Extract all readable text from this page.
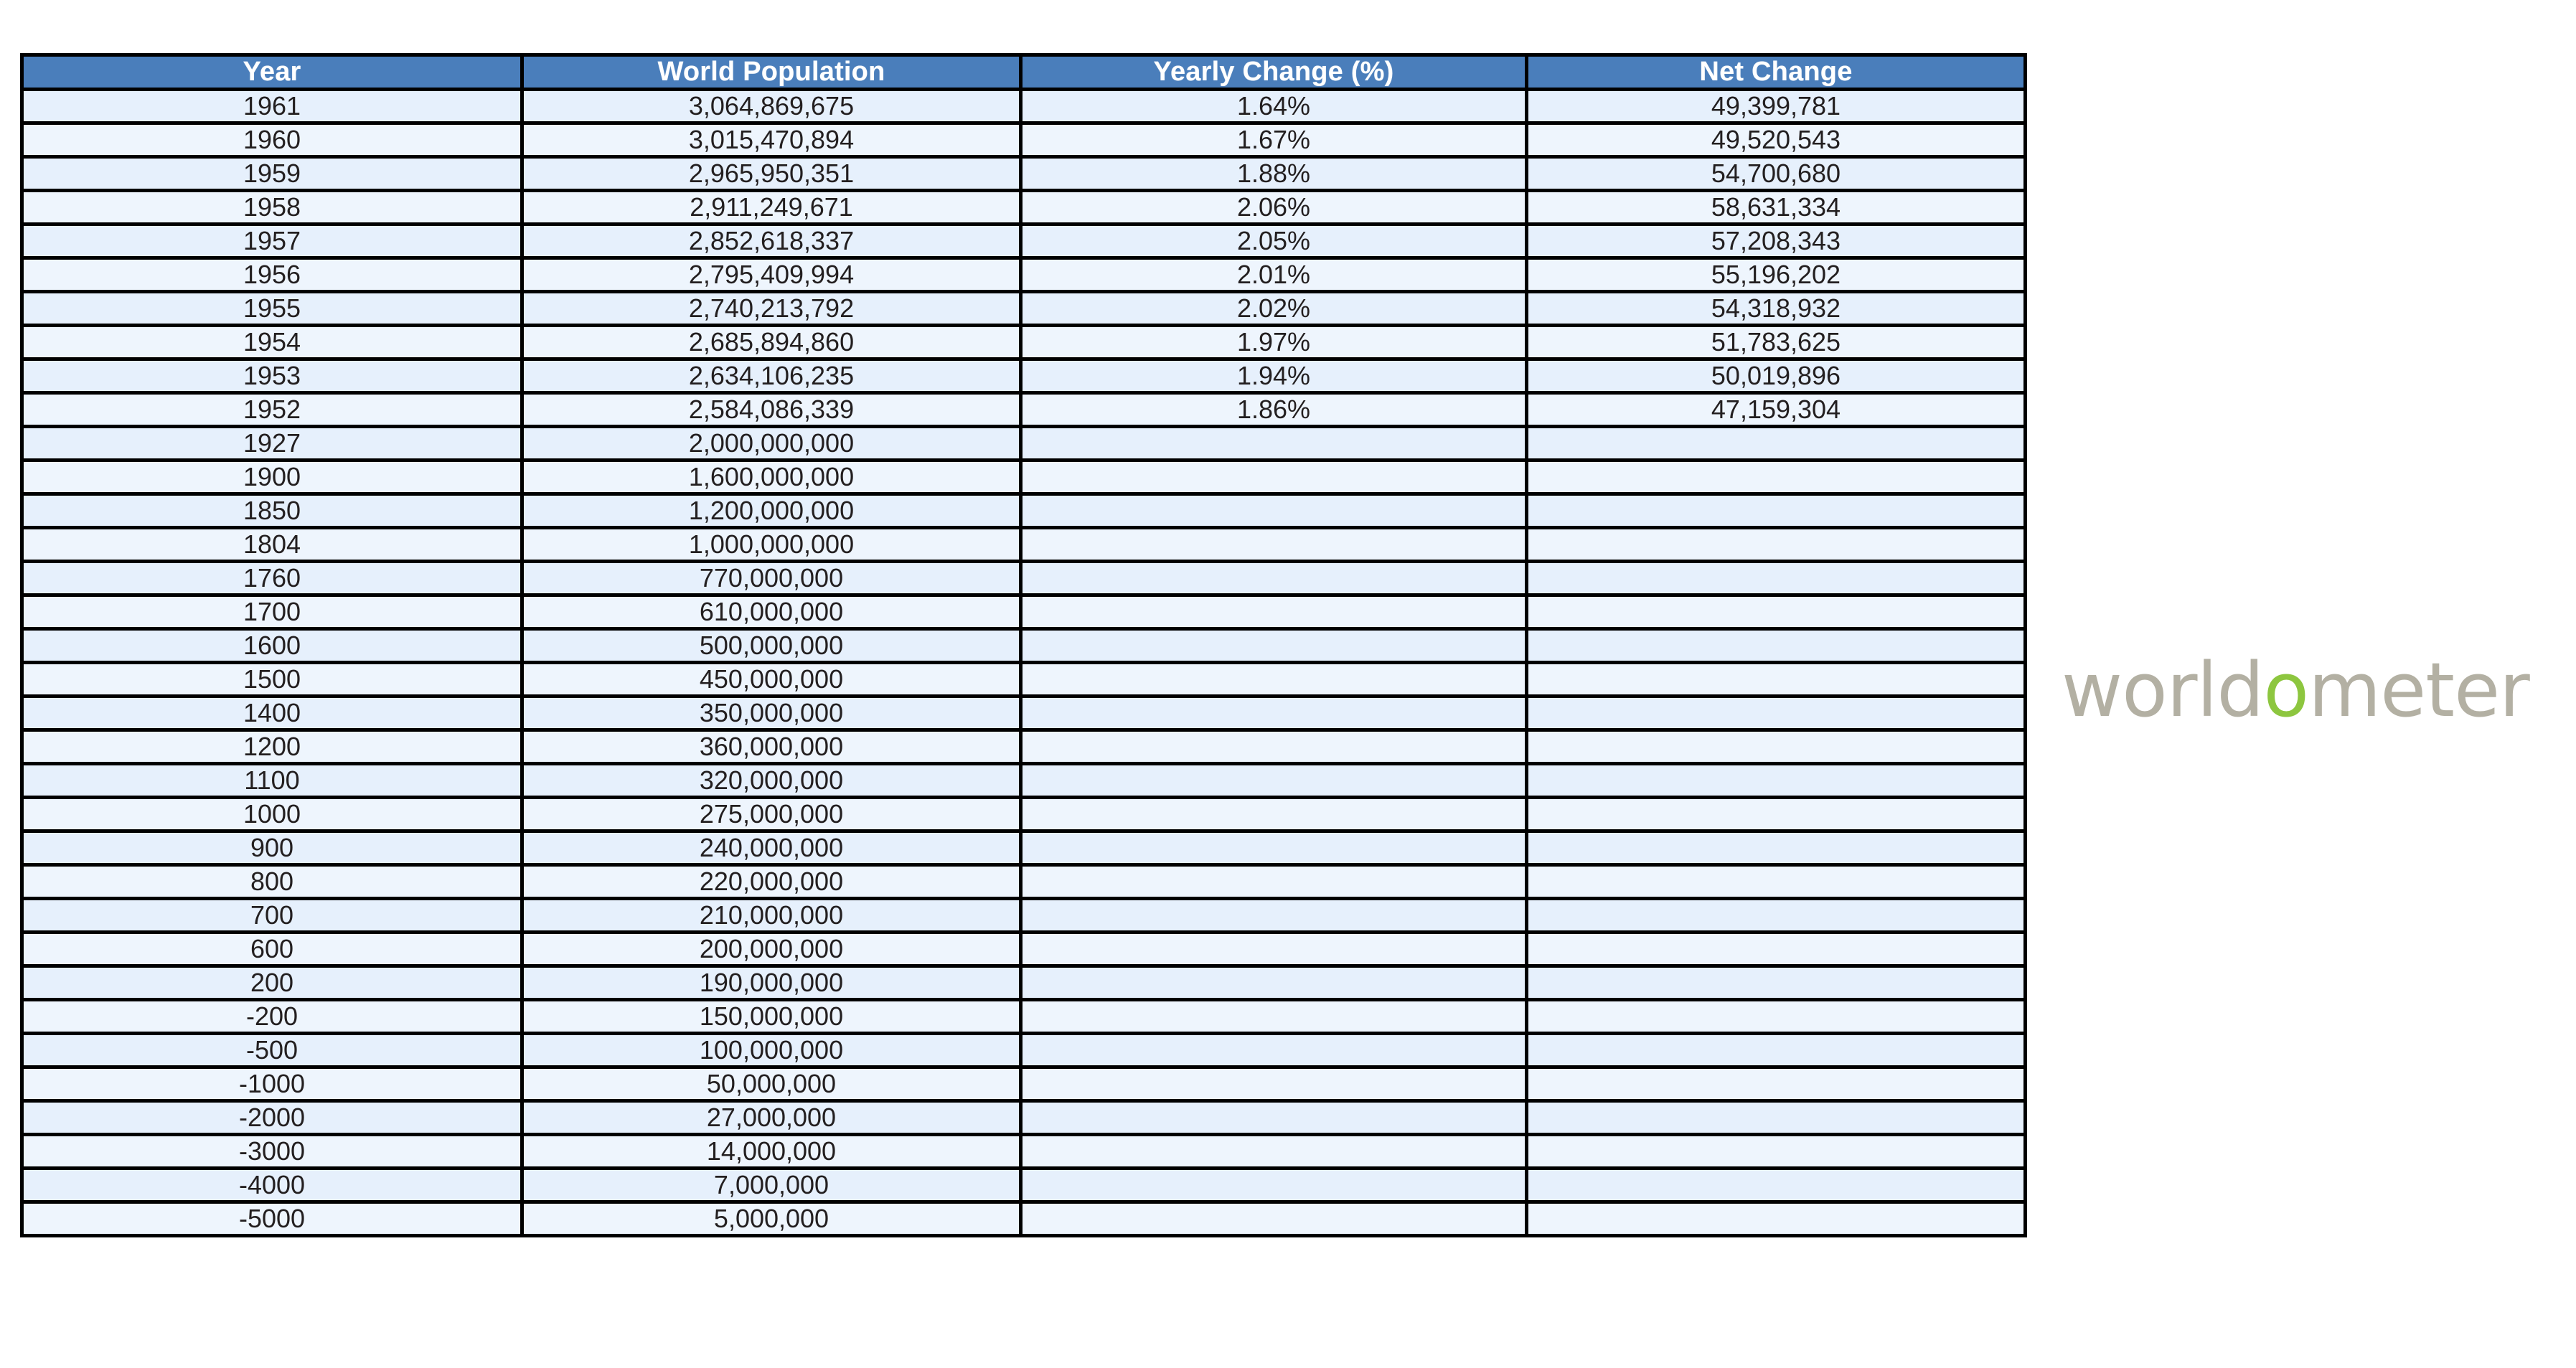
Year	World Population	Yearly Change (%)	Net Change
1961	3,064,869,675	1.64%	49,399,781
1960	3,015,470,894	1.67%	49,520,543
1959	2,965,950,351	1.88%	54,700,680
1958	2,911,249,671	2.06%	58,631,334
1957	2,852,618,337	2.05%	57,208,343
1956	2,795,409,994	2.01%	55,196,202
1955	2,740,213,792	2.02%	54,318,932
1954	2,685,894,860	1.97%	51,783,625
1953	2,634,106,235	1.94%	50,019,896
1952	2,584,086,339	1.86%	47,159,304
1927	2,000,000,000		
1900	1,600,000,000		
1850	1,200,000,000		
1804	1,000,000,000		
1760	770,000,000		
1700	610,000,000		
1600	500,000,000		
1500	450,000,000		
1400	350,000,000		
1200	360,000,000		
1100	320,000,000		
1000	275,000,000		
900	240,000,000		
800	220,000,000		
700	210,000,000		
600	200,000,000		
200	190,000,000		
-200	150,000,000		
-500	100,000,000		
-1000	50,000,000		
-2000	27,000,000		
-3000	14,000,000		
-4000	7,000,000		
-5000	5,000,000		
worldometer
